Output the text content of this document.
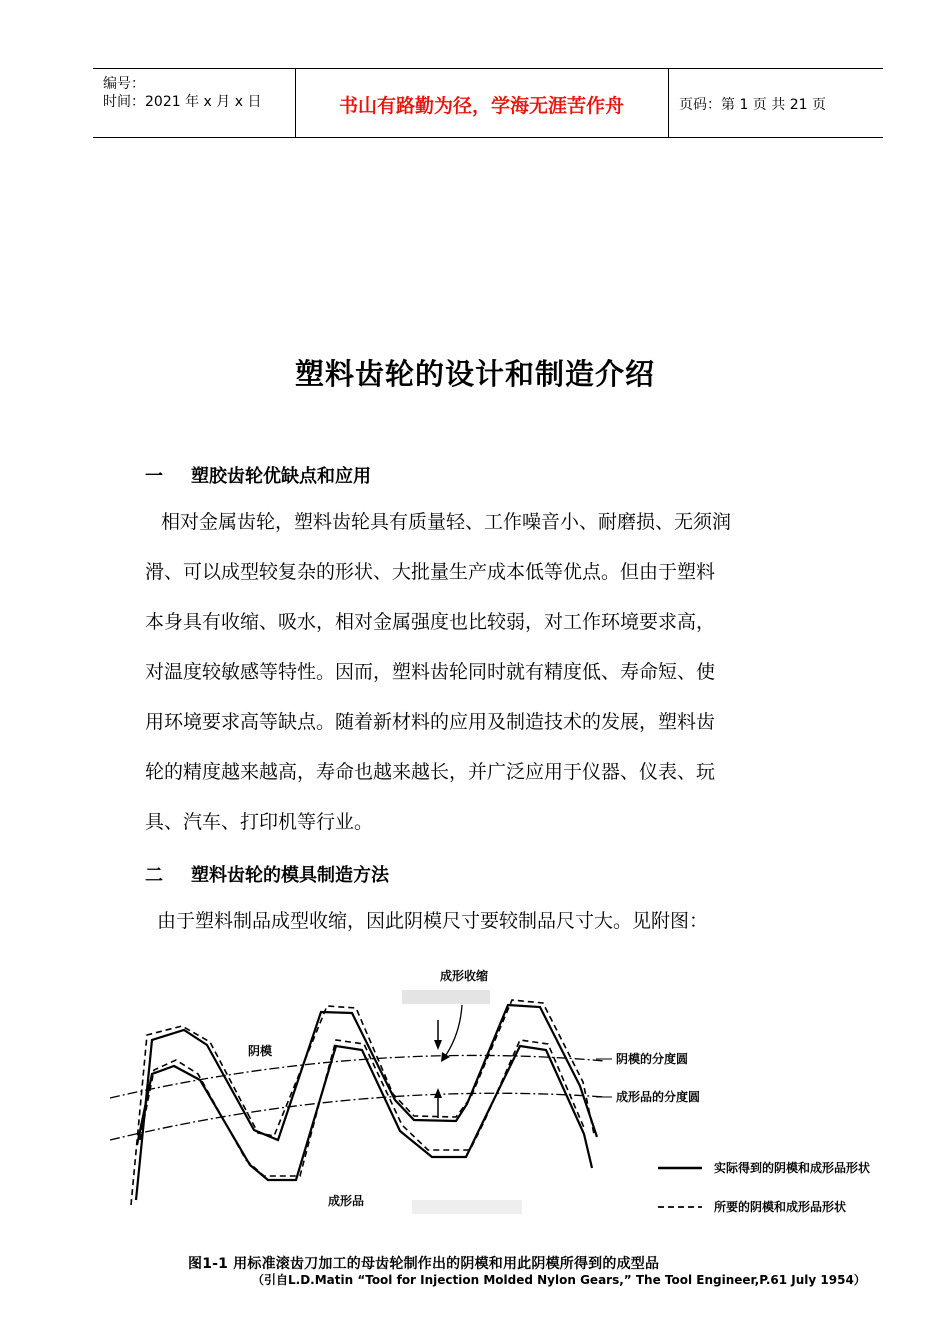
编号：
时间：2021 年 x 月 x 日	书山有路勤为径，学海无涯苦作舟	页码：第 1 页 共 21 页
塑料齿轮的设计和制造介绍
一 塑胶齿轮优缺点和应用
相对金属齿轮，塑料齿轮具有质量轻、工作噪音小、耐磨损、无须润
滑、可以成型较复杂的形状、大批量生产成本低等优点。但由于塑料
本身具有收缩、吸水，相对金属强度也比较弱，对工作环境要求高，
对温度较敏感等特性。因而，塑料齿轮同时就有精度低、寿命短、使
用环境要求高等缺点。随着新材料的应用及制造技术的发展，塑料齿
轮的精度越来越高，寿命也越来越长，并广泛应用于仪器、仪表、玩
具、汽车、打印机等行业。
二 塑料齿轮的模具制造方法
由于塑料制品成型收缩，因此阴模尺寸要较制品尺寸大。见附图：
成形收缩
阴模
成形品
阴模的分度圆
成形品的分度圆
实际得到的阴模和成形品形状
所要的阴模和成形品形状
图1-1 用标准滚齿刀加工的母齿轮制作出的阴模和用此阴模所得到的成型品
（引自L.D.Matin “Tool for Injection Molded Nylon Gears,” The Tool Engineer,P.61 July 1954）
